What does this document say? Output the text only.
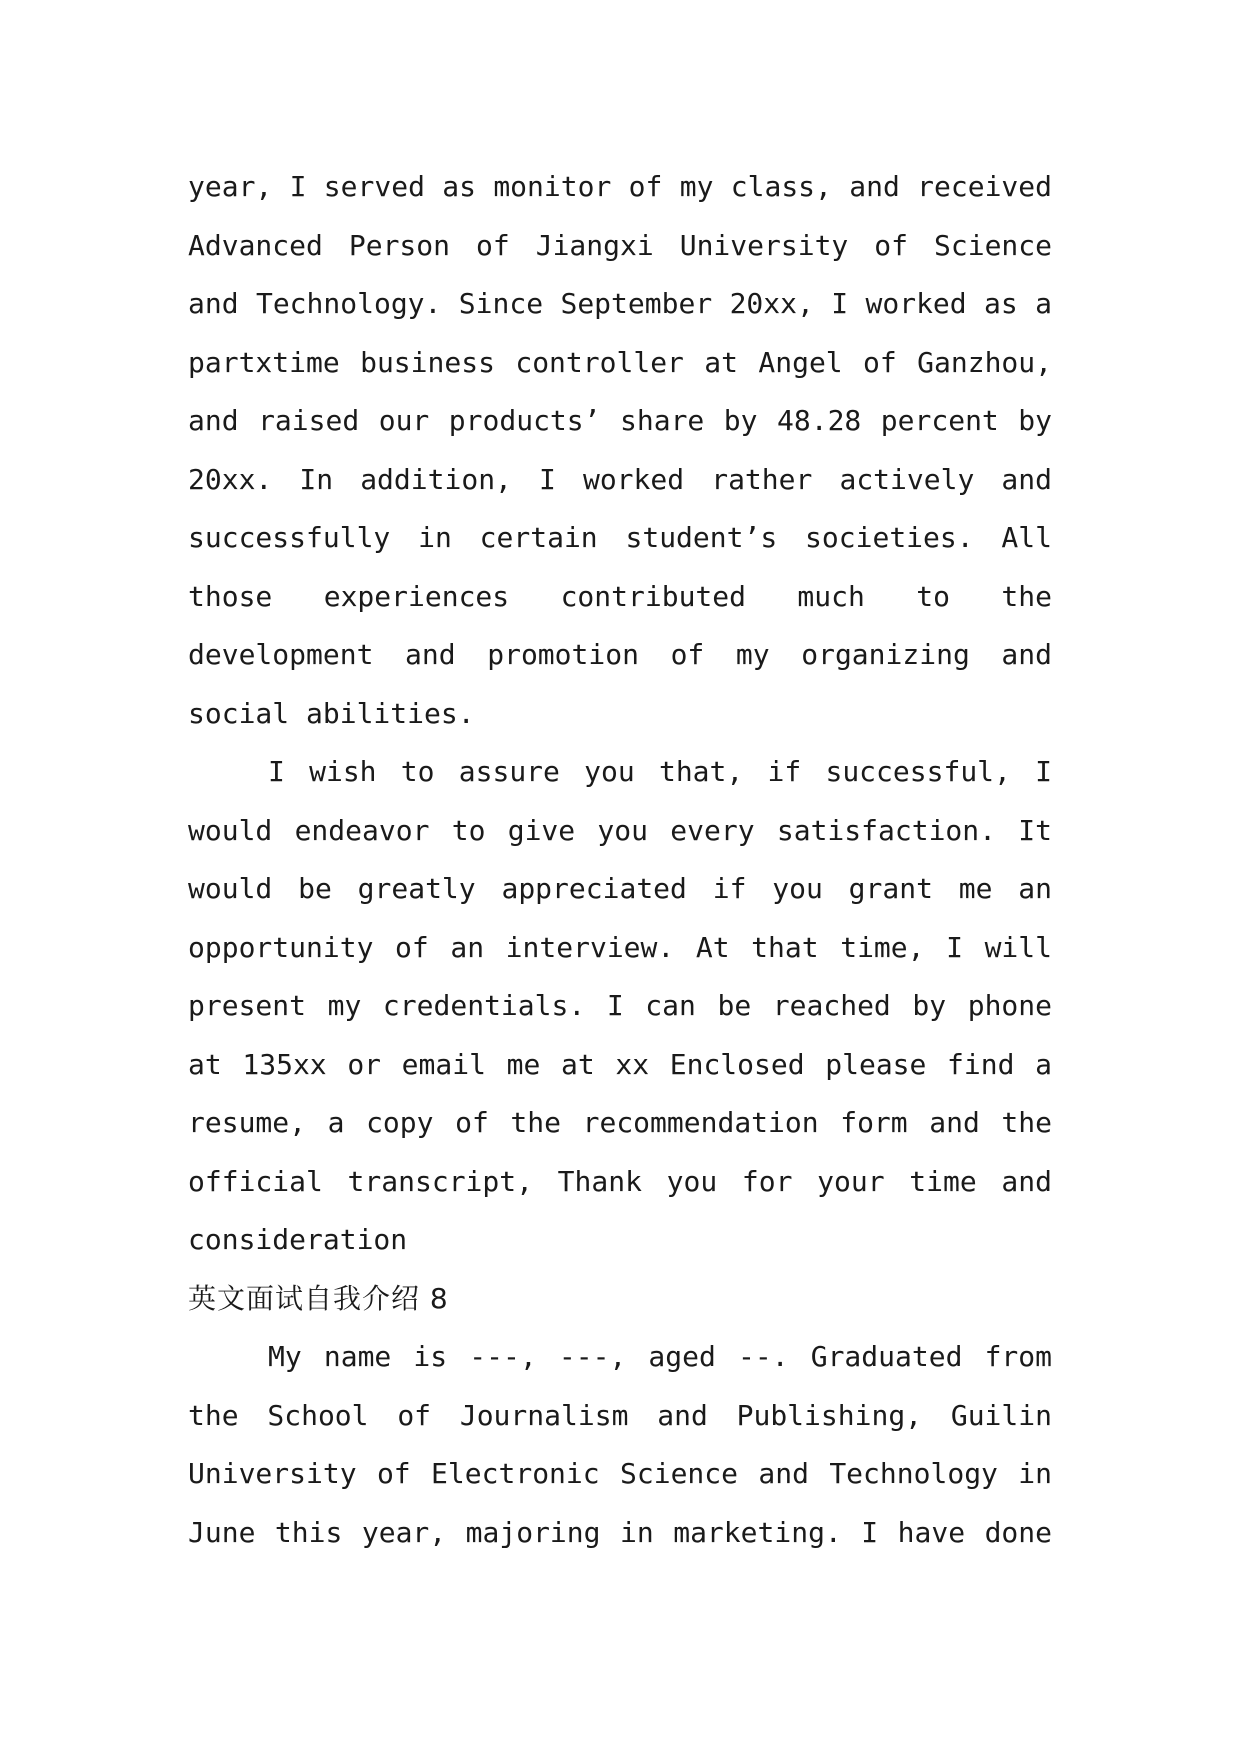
year, I served as monitor of my class, and received
Advanced Person of Jiangxi University of Science
and Technology. Since September 20xx, I worked as a
partxtime business controller at Angel of Ganzhou,
and raised our products’ share by 48.28 percent by
20xx. In addition, I worked rather actively and
successfully in certain student’s societies. All
those experiences contributed much to the
development and promotion of my organizing and
social abilities.
I wish to assure you that, if successful, I
would endeavor to give you every satisfaction. It
would be greatly appreciated if you grant me an
opportunity of an interview. At that time, I will
present my credentials. I can be reached by phone
at 135xx or email me at xx Enclosed please find a
resume, a copy of the recommendation form and the
official transcript, Thank you for your time and
consideration
英文面试自我介绍 8
My name is ---, ---, aged --. Graduated from
the School of Journalism and Publishing, Guilin
University of Electronic Science and Technology in
June this year, majoring in marketing. I have done
